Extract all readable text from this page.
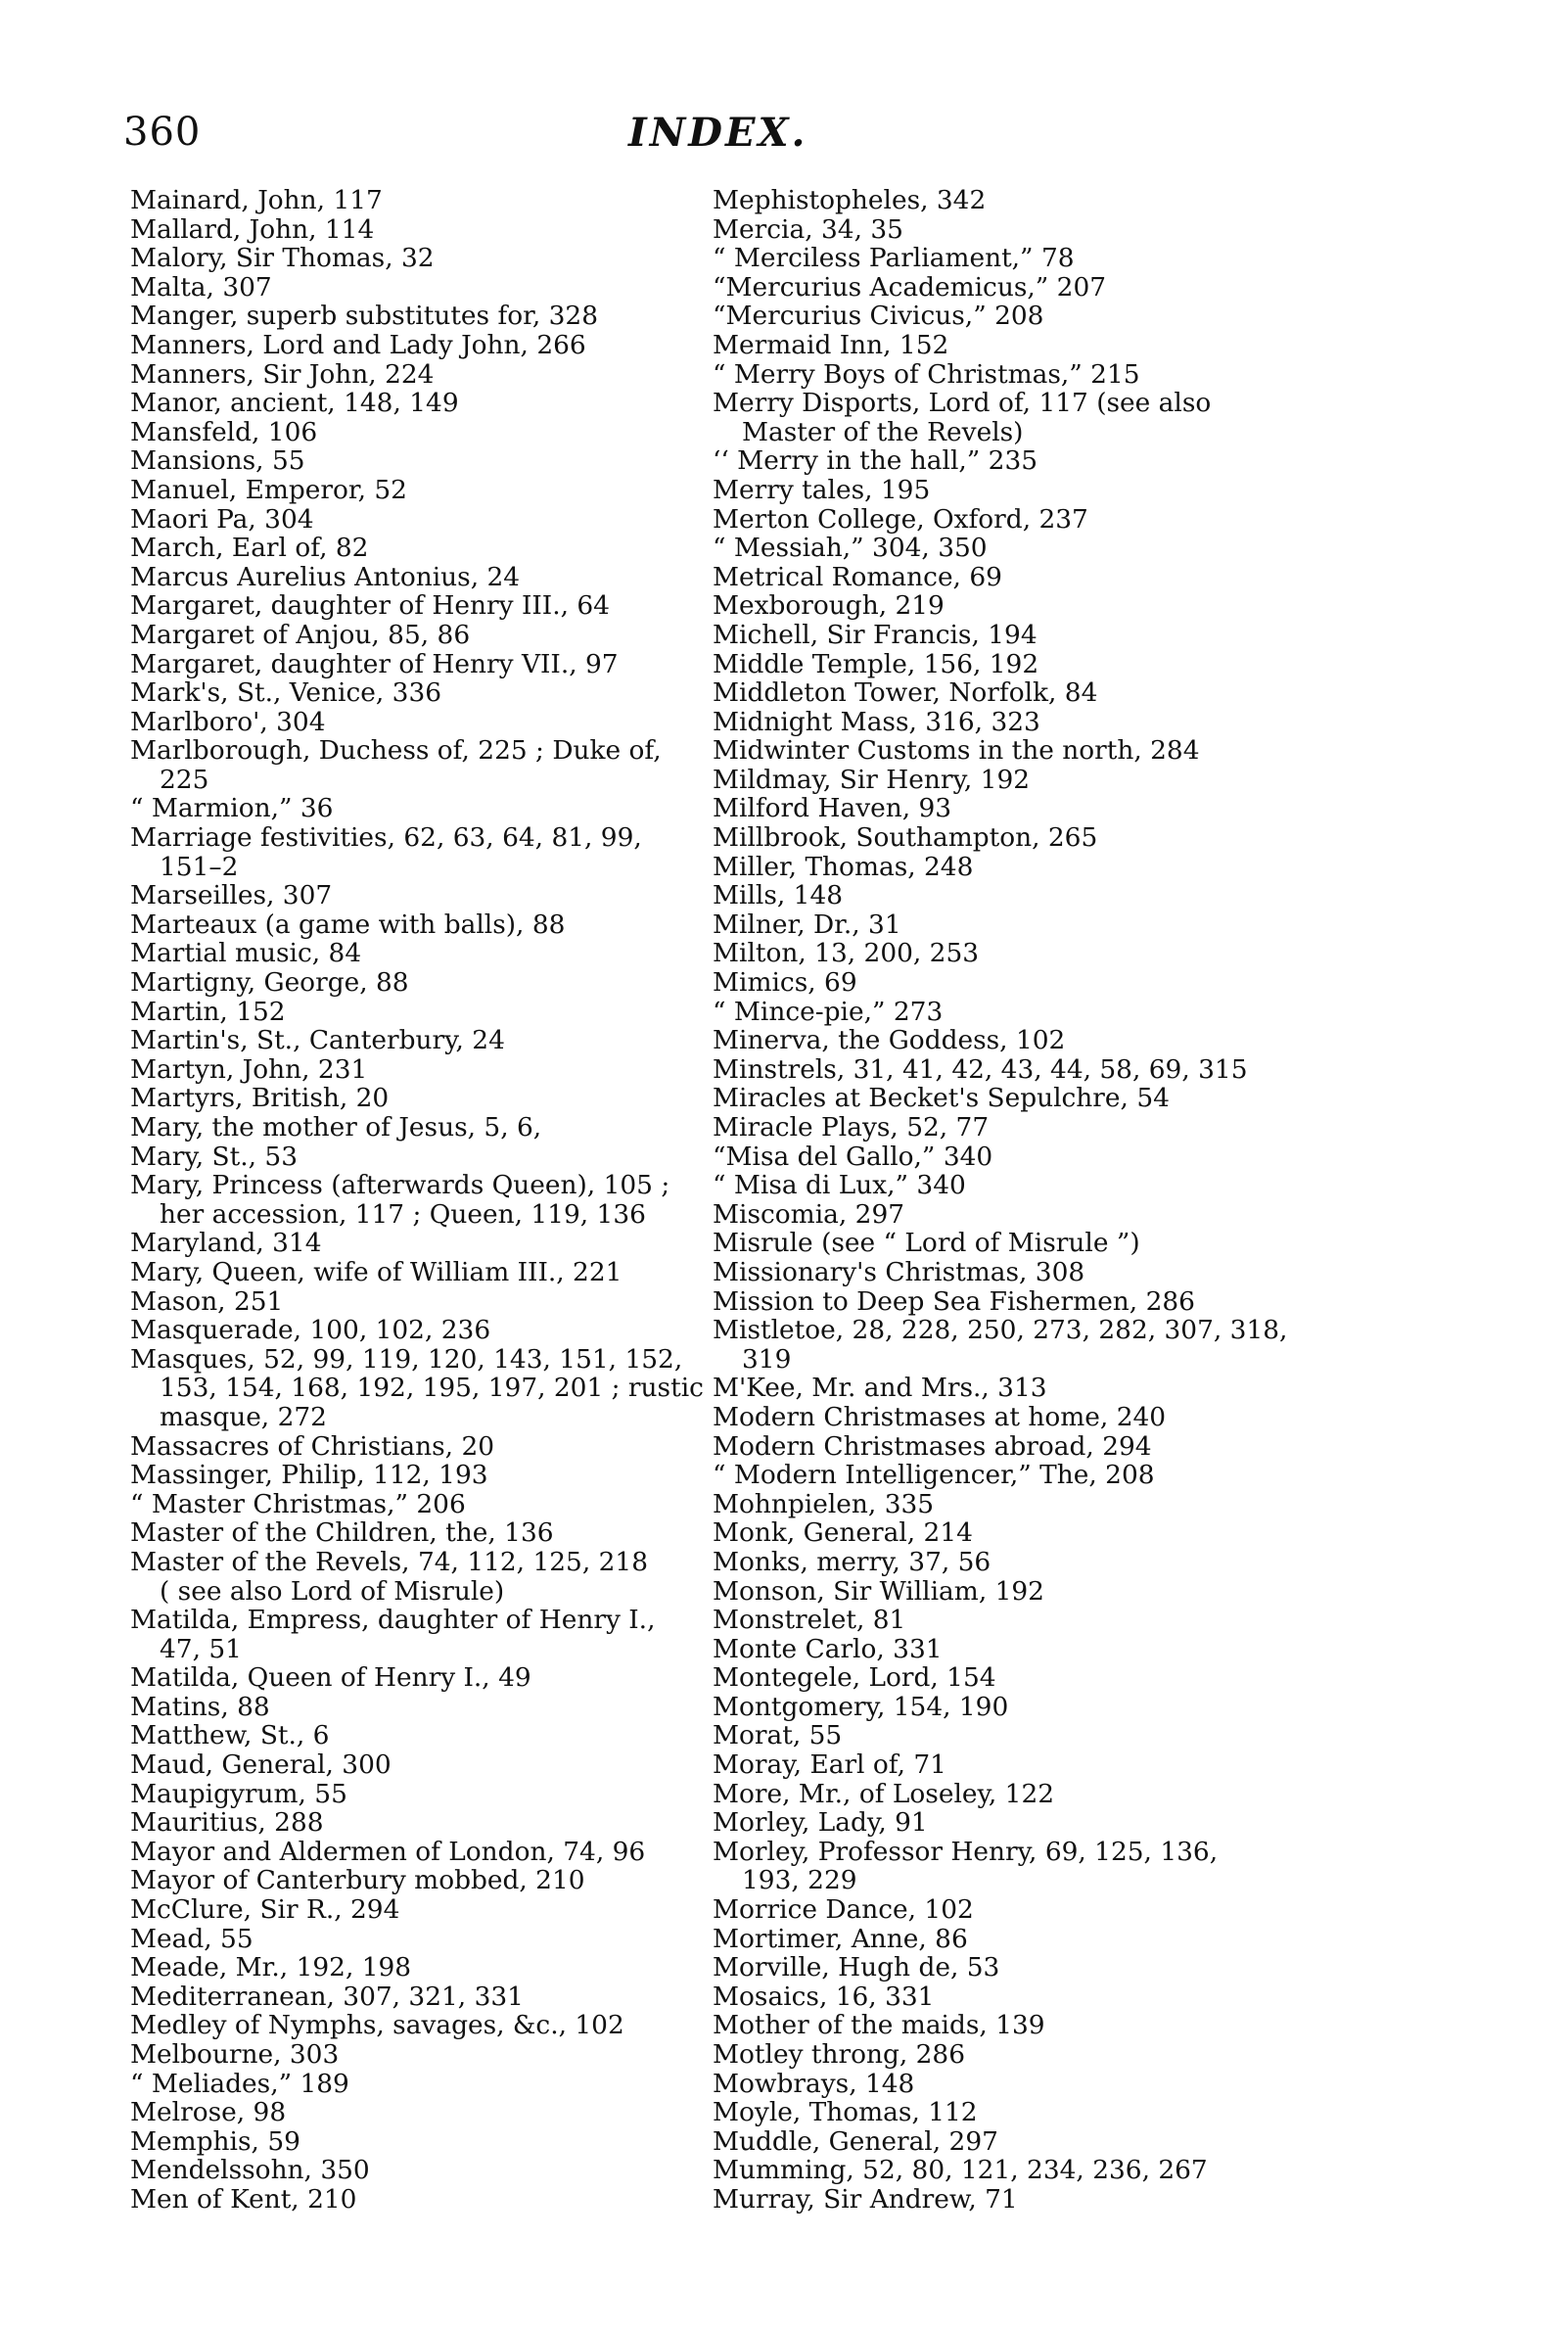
360	INDEX.
Mainard, John, 117
Mallard, John, 114
Malory, Sir Thomas, 32
Malta, 307
Manger, superb substitutes for, 328
Manners, Lord and Lady John, 266
Manners, Sir John, 224
Manor, ancient, 148, 149
Mansfeld, 106
Mansions, 55
Manuel, Emperor, 52
Maori Pa, 304
March, Earl of, 82
Marcus Aurelius Antonius, 24
Margaret, daughter of Henry III., 64
Margaret of Anjou, 85, 86
Margaret, daughter of Henry VII., 97
Mark's, St., Venice, 336
Marlboro', 304
Marlborough, Duchess of, 225 ; Duke of,
225
“ Marmion,” 36
Marriage festivities, 62, 63, 64, 81, 99,
151–2
Marseilles, 307
Marteaux (a game with balls), 88
Martial music, 84
Martigny, George, 88
Martin, 152
Martin's, St., Canterbury, 24
Martyn, John, 231
Martyrs, British, 20
Mary, the mother of Jesus, 5, 6,
Mary, St., 53
Mary, Princess (afterwards Queen), 105 ;
her accession, 117 ; Queen, 119, 136
Maryland, 314
Mary, Queen, wife of William III., 221
Mason, 251
Masquerade, 100, 102, 236
Masques, 52, 99, 119, 120, 143, 151, 152,
153, 154, 168, 192, 195, 197, 201 ; rustic
masque, 272
Massacres of Christians, 20
Massinger, Philip, 112, 193
“ Master Christmas,” 206
Master of the Children, the, 136
Master of the Revels, 74, 112, 125, 218
( see also Lord of Misrule)
Matilda, Empress, daughter of Henry I.,
47, 51
Matilda, Queen of Henry I., 49
Matins, 88
Matthew, St., 6
Maud, General, 300
Maupigyrum, 55
Mauritius, 288
Mayor and Aldermen of London, 74, 96
Mayor of Canterbury mobbed, 210
McClure, Sir R., 294
Mead, 55
Meade, Mr., 192, 198
Mediterranean, 307, 321, 331
Medley of Nymphs, savages, &c., 102
Melbourne, 303
“ Meliades,” 189
Melrose, 98
Memphis, 59
Mendelssohn, 350
Men of Kent, 210
Mephistopheles, 342
Mercia, 34, 35
“ Merciless Parliament,” 78
“Mercurius Academicus,” 207
“Mercurius Civicus,” 208
Mermaid Inn, 152
“ Merry Boys of Christmas,” 215
Merry Disports, Lord of, 117 (see also
Master of the Revels)
‘‘ Merry in the hall,” 235
Merry tales, 195
Merton College, Oxford, 237
“ Messiah,” 304, 350
Metrical Romance, 69
Mexborough, 219
Michell, Sir Francis, 194
Middle Temple, 156, 192
Middleton Tower, Norfolk, 84
Midnight Mass, 316, 323
Midwinter Customs in the north, 284
Mildmay, Sir Henry, 192
Milford Haven, 93
Millbrook, Southampton, 265
Miller, Thomas, 248
Mills, 148
Milner, Dr., 31
Milton, 13, 200, 253
Mimics, 69
“ Mince-pie,” 273
Minerva, the Goddess, 102
Minstrels, 31, 41, 42, 43, 44, 58, 69, 315
Miracles at Becket's Sepulchre, 54
Miracle Plays, 52, 77
“Misa del Gallo,” 340
“ Misa di Lux,” 340
Miscomia, 297
Misrule (see “ Lord of Misrule ”)
Missionary's Christmas, 308
Mission to Deep Sea Fishermen, 286
Mistletoe, 28, 228, 250, 273, 282, 307, 318,
319
M'Kee, Mr. and Mrs., 313
Modern Christmases at home, 240
Modern Christmases abroad, 294
“ Modern Intelligencer,” The, 208
Mohnpielen, 335
Monk, General, 214
Monks, merry, 37, 56
Monson, Sir William, 192
Monstrelet, 81
Monte Carlo, 331
Montegele, Lord, 154
Montgomery, 154, 190
Morat, 55
Moray, Earl of, 71
More, Mr., of Loseley, 122
Morley, Lady, 91
Morley, Professor Henry, 69, 125, 136,
193, 229
Morrice Dance, 102
Mortimer, Anne, 86
Morville, Hugh de, 53
Mosaics, 16, 331
Mother of the maids, 139
Motley throng, 286
Mowbrays, 148
Moyle, Thomas, 112
Muddle, General, 297
Mumming, 52, 80, 121, 234, 236, 267
Murray, Sir Andrew, 71
